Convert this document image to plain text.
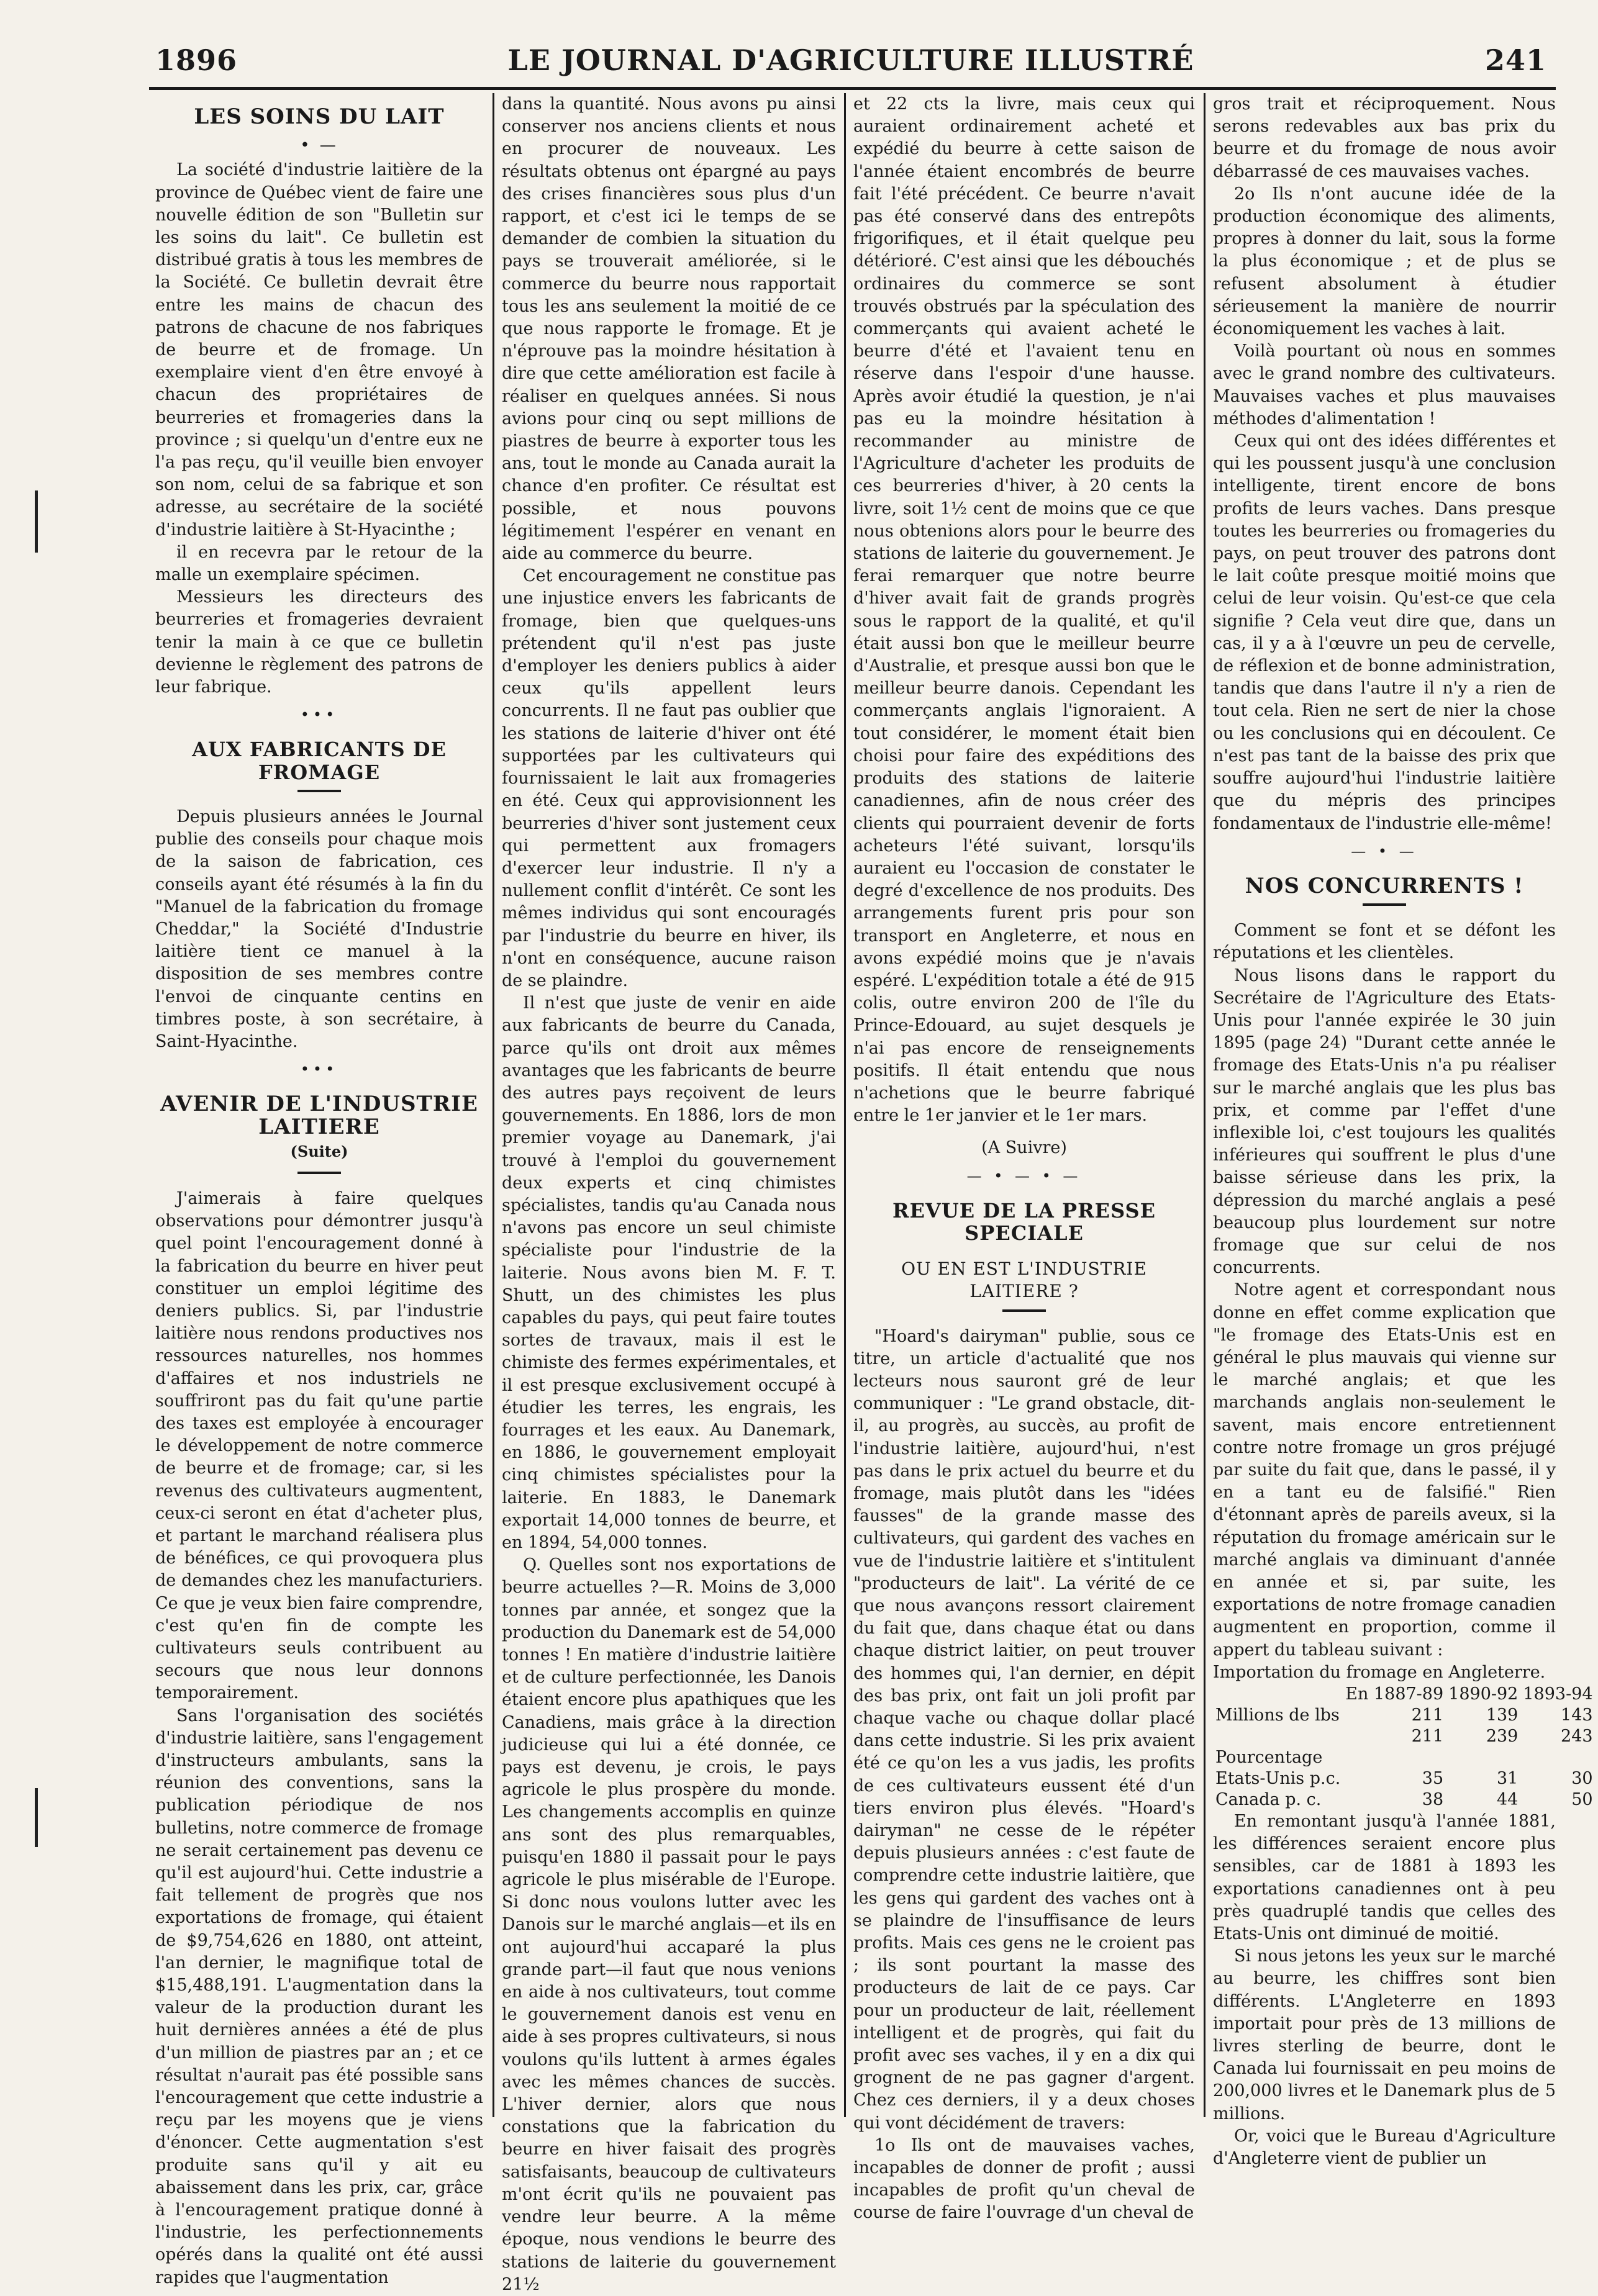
LE JOURNAL D'AGRICULTURE ILLUSTRÉ
1896	241
LES SOINS DU LAIT
• —

La société d'industrie laitière de la province de Québec vient de faire une nouvelle édition de son "Bulletin sur les soins du lait". Ce bulletin est distribué gratis à tous les membres de la Société. Ce bulletin devrait être entre les mains de chacun des patrons de chacune de nos fabriques de beurre et de fromage. Un exemplaire vient d'en être envoyé à chacun des propriétaires de beurreries et fromageries dans la province ; si quelqu'un d'entre eux ne l'a pas reçu, qu'il veuille bien envoyer son nom, celui de sa fabrique et son adresse, au secrétaire de la société d'industrie laitière à St-Hyacinthe ;

il en recevra par le retour de la malle un exemplaire spécimen.

Messieurs les directeurs des beurreries et fromageries devraient tenir la main à ce que ce bulletin devienne le règlement des patrons de leur fabrique.

•••
AUX FABRICANTS DE FROMAGE

Depuis plusieurs années le Journal publie des conseils pour chaque mois de la saison de fabrication, ces conseils ayant été résumés à la fin du "Manuel de la fabrication du fromage Cheddar," la Société d'Industrie laitière tient ce manuel à la disposition de ses membres contre l'envoi de cinquante centins en timbres poste, à son secrétaire, à Saint-Hyacinthe.

•••
AVENIR DE L'INDUSTRIE LAITIERE
(Suite)

J'aimerais à faire quelques observations pour démontrer jusqu'à quel point l'encouragement donné à la fabrication du beurre en hiver peut constituer un emploi légitime des deniers publics. Si, par l'industrie laitière nous rendons productives nos ressources naturelles, nos hommes d'affaires et nos industriels ne souffriront pas du fait qu'une partie des taxes est employée à encourager le développement de notre commerce de beurre et de fromage; car, si les revenus des cultivateurs augmentent, ceux-ci seront en état d'acheter plus, et partant le marchand réalisera plus de bénéfices, ce qui provoquera plus de demandes chez les manufacturiers. Ce que je veux bien faire comprendre, c'est qu'en fin de compte les cultivateurs seuls contribuent au secours que nous leur donnons temporairement.

Sans l'organisation des sociétés d'industrie laitière, sans l'engagement d'instructeurs ambulants, sans la réunion des conventions, sans la publication périodique de nos bulletins, notre commerce de fromage ne serait certainement pas devenu ce qu'il est aujourd'hui. Cette industrie a fait tellement de progrès que nos exportations de fromage, qui étaient de $9,754,626 en 1880, ont atteint, l'an dernier, le magnifique total de $15,488,191. L'augmentation dans la valeur de la production durant les huit dernières années a été de plus d'un million de piastres par an ; et ce résultat n'aurait pas été possible sans l'encouragement que cette industrie a reçu par les moyens que je viens d'énoncer. Cette augmentation s'est produite sans qu'il y ait eu abaissement dans les prix, car, grâce à l'encouragement pratique donné à l'industrie, les perfectionnements opérés dans la qualité ont été aussi rapides que l'augmentation

dans la quantité. Nous avons pu ainsi conserver nos anciens clients et nous en procurer de nouveaux. Les résultats obtenus ont épargné au pays des crises financières sous plus d'un rapport, et c'est ici le temps de se demander de combien la situation du pays se trouverait améliorée, si le commerce du beurre nous rapportait tous les ans seulement la moitié de ce que nous rapporte le fromage. Et je n'éprouve pas la moindre hésitation à dire que cette amélioration est facile à réaliser en quelques années. Si nous avions pour cinq ou sept millions de piastres de beurre à exporter tous les ans, tout le monde au Canada aurait la chance d'en profiter. Ce résultat est possible, et nous pouvons légitimement l'espérer en venant en aide au commerce du beurre.

Cet encouragement ne constitue pas une injustice envers les fabricants de fromage, bien que quelques-uns prétendent qu'il n'est pas juste d'employer les deniers publics à aider ceux qu'ils appellent leurs concurrents. Il ne faut pas oublier que les stations de laiterie d'hiver ont été supportées par les cultivateurs qui fournissaient le lait aux fromageries en été. Ceux qui approvisionnent les beurreries d'hiver sont justement ceux qui permettent aux fromagers d'exercer leur industrie. Il n'y a nullement conflit d'intérêt. Ce sont les mêmes individus qui sont encouragés par l'industrie du beurre en hiver, ils n'ont en conséquence, aucune raison de se plaindre.

Il n'est que juste de venir en aide aux fabricants de beurre du Canada, parce qu'ils ont droit aux mêmes avantages que les fabricants de beurre des autres pays reçoivent de leurs gouvernements. En 1886, lors de mon premier voyage au Danemark, j'ai trouvé à l'emploi du gouvernement deux experts et cinq chimistes spécialistes, tandis qu'au Canada nous n'avons pas encore un seul chimiste spécialiste pour l'industrie de la laiterie. Nous avons bien M. F. T. Shutt, un des chimistes les plus capables du pays, qui peut faire toutes sortes de travaux, mais il est le chimiste des fermes expérimentales, et il est presque exclusivement occupé à étudier les terres, les engrais, les fourrages et les eaux. Au Danemark, en 1886, le gouvernement employait cinq chimistes spécialistes pour la laiterie. En 1883, le Danemark exportait 14,000 tonnes de beurre, et en 1894, 54,000 tonnes.

Q. Quelles sont nos exportations de beurre actuelles ?—R. Moins de 3,000 tonnes par année, et songez que la production du Danemark est de 54,000 tonnes ! En matière d'industrie laitière et de culture perfectionnée, les Danois étaient encore plus apathiques que les Canadiens, mais grâce à la direction judicieuse qui lui a été donnée, ce pays est devenu, je crois, le pays agricole le plus prospère du monde. Les changements accomplis en quinze ans sont des plus remarquables, puisqu'en 1880 il passait pour le pays agricole le plus misérable de l'Europe. Si donc nous voulons lutter avec les Danois sur le marché anglais—et ils en ont aujourd'hui accaparé la plus grande part—il faut que nous venions en aide à nos cultivateurs, tout comme le gouvernement danois est venu en aide à ses propres cultivateurs, si nous voulons qu'ils luttent à armes égales avec les mêmes chances de succès. L'hiver dernier, alors que nous constations que la fabrication du beurre en hiver faisait des progrès satisfaisants, beaucoup de cultivateurs m'ont écrit qu'ils ne pouvaient pas vendre leur beurre. A la même époque, nous vendions le beurre des stations de laiterie du gouvernement 21½

et 22 cts la livre, mais ceux qui auraient ordinairement acheté et expédié du beurre à cette saison de l'année étaient encombrés de beurre fait l'été précédent. Ce beurre n'avait pas été conservé dans des entrepôts frigorifiques, et il était quelque peu détérioré. C'est ainsi que les débouchés ordinaires du commerce se sont trouvés obstrués par la spéculation des commerçants qui avaient acheté le beurre d'été et l'avaient tenu en réserve dans l'espoir d'une hausse. Après avoir étudié la question, je n'ai pas eu la moindre hésitation à recommander au ministre de l'Agriculture d'acheter les produits de ces beurreries d'hiver, à 20 cents la livre, soit 1½ cent de moins que ce que nous obtenions alors pour le beurre des stations de laiterie du gouvernement. Je ferai remarquer que notre beurre d'hiver avait fait de grands progrès sous le rapport de la qualité, et qu'il était aussi bon que le meilleur beurre d'Australie, et presque aussi bon que le meilleur beurre danois. Cependant les commerçants anglais l'ignoraient. A tout considérer, le moment était bien choisi pour faire des expéditions des produits des stations de laiterie canadiennes, afin de nous créer des clients qui pourraient devenir de forts acheteurs l'été suivant, lorsqu'ils auraient eu l'occasion de constater le degré d'excellence de nos produits. Des arrangements furent pris pour son transport en Angleterre, et nous en avons expédié moins que je n'avais espéré. L'expédition totale a été de 915 colis, outre environ 200 de l'île du Prince-Edouard, au sujet desquels je n'ai pas encore de renseignements positifs. Il était entendu que nous n'achetions que le beurre fabriqué entre le 1er janvier et le 1er mars.

(A Suivre)
— • — • —
REVUE DE LA PRESSE SPECIALE
OU EN EST L'INDUSTRIE LAITIERE ?

"Hoard's dairyman" publie, sous ce titre, un article d'actualité que nos lecteurs nous sauront gré de leur communiquer : "Le grand obstacle, dit-il, au progrès, au succès, au profit de l'industrie laitière, aujourd'hui, n'est pas dans le prix actuel du beurre et du fromage, mais plutôt dans les "idées fausses" de la grande masse des cultivateurs, qui gardent des vaches en vue de l'industrie laitière et s'intitulent "producteurs de lait". La vérité de ce que nous avançons ressort clairement du fait que, dans chaque état ou dans chaque district laitier, on peut trouver des hommes qui, l'an dernier, en dépit des bas prix, ont fait un joli profit par chaque vache ou chaque dollar placé dans cette industrie. Si les prix avaient été ce qu'on les a vus jadis, les profits de ces cultivateurs eussent été d'un tiers environ plus élevés. "Hoard's dairyman" ne cesse de le répéter depuis plusieurs années : c'est faute de comprendre cette industrie laitière, que les gens qui gardent des vaches ont à se plaindre de l'insuffisance de leurs profits. Mais ces gens ne le croient pas ; ils sont pourtant la masse des producteurs de lait de ce pays. Car pour un producteur de lait, réellement intelligent et de progrès, qui fait du profit avec ses vaches, il y en a dix qui grognent de ne pas gagner d'argent. Chez ces derniers, il y a deux choses qui vont décidément de travers:

1o Ils ont de mauvaises vaches, incapables de donner de profit ; aussi incapables de profit qu'un cheval de course de faire l'ouvrage d'un cheval de

gros trait et réciproquement. Nous serons redevables aux bas prix du beurre et du fromage de nous avoir débarrassé de ces mauvaises vaches.

2o Ils n'ont aucune idée de la production économique des aliments, propres à donner du lait, sous la forme la plus économique ; et de plus se refusent absolument à étudier sérieusement la manière de nourrir économiquement les vaches à lait.

Voilà pourtant où nous en sommes avec le grand nombre des cultivateurs. Mauvaises vaches et plus mauvaises méthodes d'alimentation !

Ceux qui ont des idées différentes et qui les poussent jusqu'à une conclusion intelligente, tirent encore de bons profits de leurs vaches. Dans presque toutes les beurreries ou fromageries du pays, on peut trouver des patrons dont le lait coûte presque moitié moins que celui de leur voisin. Qu'est-ce que cela signifie ? Cela veut dire que, dans un cas, il y a à l'œuvre un peu de cervelle, de réflexion et de bonne administration, tandis que dans l'autre il n'y a rien de tout cela. Rien ne sert de nier la chose ou les conclusions qui en découlent. Ce n'est pas tant de la baisse des prix que souffre aujourd'hui l'industrie laitière que du mépris des principes fondamentaux de l'industrie elle-même!

— • —
NOS CONCURRENTS !

Comment se font et se défont les réputations et les clientèles.

Nous lisons dans le rapport du Secrétaire de l'Agriculture des Etats-Unis pour l'année expirée le 30 juin 1895 (page 24) "Durant cette année le fromage des Etats-Unis n'a pu réaliser sur le marché anglais que les plus bas prix, et comme par l'effet d'une inflexible loi, c'est toujours les qualités inférieures qui souffrent le plus d'une baisse sérieuse dans les prix, la dépression du marché anglais a pesé beaucoup plus lourdement sur notre fromage que sur celui de nos concurrents.

Notre agent et correspondant nous donne en effet comme explication que "le fromage des Etats-Unis est en général le plus mauvais qui vienne sur le marché anglais; et que les marchands anglais non-seulement le savent, mais encore entretiennent contre notre fromage un gros préjugé par suite du fait que, dans le passé, il y en a tant eu de falsifié." Rien d'étonnant après de pareils aveux, si la réputation du fromage américain sur le marché anglais va diminuant d'année en année et si, par suite, les exportations de notre fromage canadien augmentent en proportion, comme il appert du tableau suivant :

Importation du fromage en Angleterre.

	En 1887-89	1890-92	1893-94
Millions de lbs	211	139	143
	211	239	243
Pourcentage			
Etats-Unis p.c.	35	31	30
Canada p. c.	38	44	50

En remontant jusqu'à l'année 1881, les différences seraient encore plus sensibles, car de 1881 à 1893 les exportations canadiennes ont à peu près quadruplé tandis que celles des Etats-Unis ont diminué de moitié.

Si nous jetons les yeux sur le marché au beurre, les chiffres sont bien différents. L'Angleterre en 1893 importait pour près de 13 millions de livres sterling de beurre, dont le Canada lui fournissait en peu moins de 200,000 livres et le Danemark plus de 5 millions.

Or, voici que le Bureau d'Agriculture d'Angleterre vient de publier un
